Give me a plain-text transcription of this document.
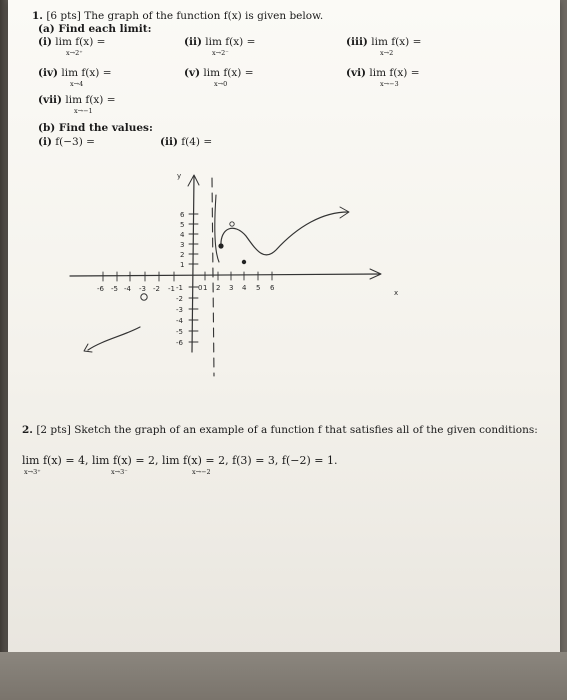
1. [6 pts] The graph of the function f(x) is given below.
(a) Find each limit:
(i) lim f(x) =
x→2⁺
(ii) lim f(x) =
x→2⁻
(iii) lim f(x) =
x→2
(iv) lim f(x) =
x→4
(v) lim f(x) =
x→0
(vi) lim f(x) =
x→−3
(vii) lim f(x) =
x→−1
(b) Find the values:
(i) f(−3) =	(ii) f(4) =
y
x
0
6
5
4
3
2
1
-1
-2
-3
-4
-5
-6
-6 -5 -4 -3 -2 -1	1 2 3 4 5 6
2. [2 pts] Sketch the graph of an example of a function f that satisfies all of the given conditions:
lim f(x) = 4, lim f(x) = 2, lim f(x) = 2, f(3) = 3, f(−2) = 1.
x→3⁺	x→3⁻	x→−2
